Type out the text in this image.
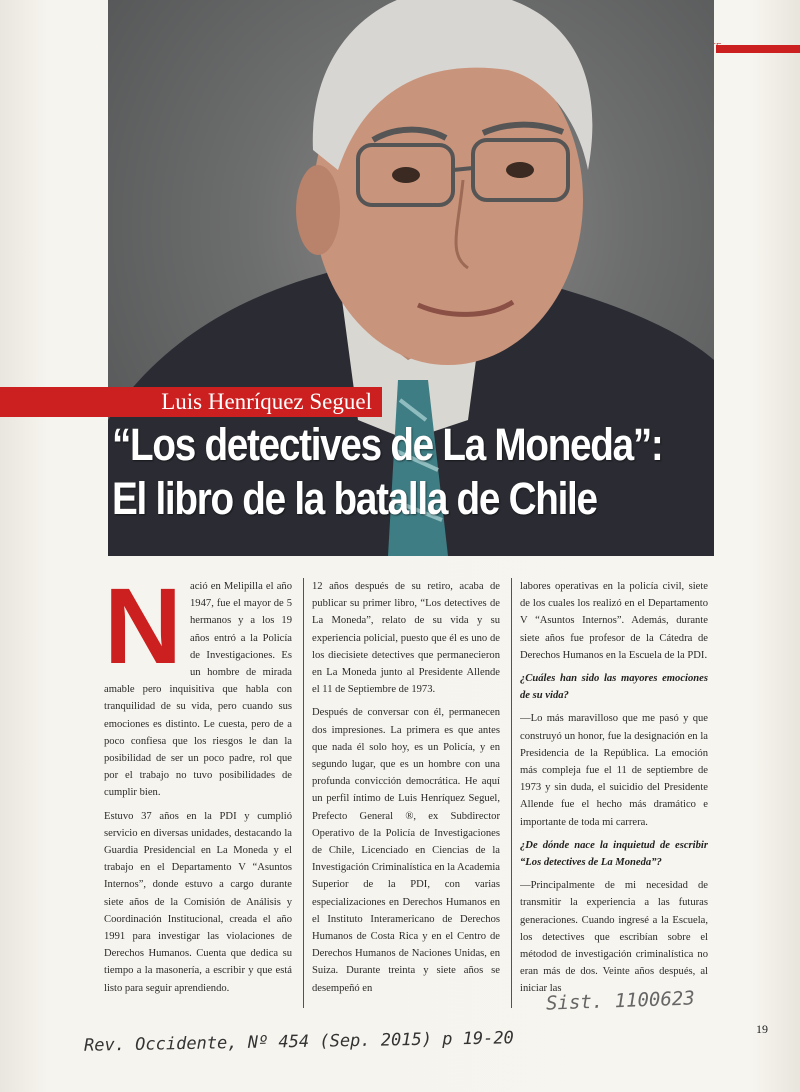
Luis Henríquez Seguel
“Los detectives de La Moneda”:
El libro de la batalla de Chile

Nació en Melipilla el año 1947, fue el mayor de 5 hermanos y a los 19 años entró a la Policía de Investigaciones. Es un hombre de mirada amable pero inquisitiva que habla con tranquilidad de su vida, pero cuando sus emociones es distinto. Le cuesta, pero de a poco confiesa que los riesgos le dan la posibilidad de ser un poco padre, rol que por el trabajo no tuvo posibilidades de cumplir bien.

Estuvo 37 años en la PDI y cumplió servicio en diversas unidades, destacando la Guardia Presidencial en La Moneda y el trabajo en el Departamento V “Asuntos Internos”, donde estuvo a cargo durante siete años de la Comisión de Análisis y Coordinación Institucional, creada el año 1991 para investigar las violaciones de Derechos Humanos. Cuenta que dedica su tiempo a la masonería, a escribir y que está listo para seguir aprendiendo.

12 años después de su retiro, acaba de publicar su primer libro, “Los detectives de La Moneda”, relato de su vida y su experiencia policial, puesto que él es uno de los diecisiete detectives que permanecieron en La Moneda junto al Presidente Allende el 11 de Septiembre de 1973.

Después de conversar con él, permanecen dos impresiones. La primera es que antes que nada él solo hoy, es un Policía, y en segundo lugar, que es un hombre con una profunda convicción democrática. He aquí un perfil íntimo de Luis Henríquez Seguel, Prefecto General ®, ex Subdirector Operativo de la Policía de Investigaciones de Chile, Licenciado en Ciencias de la Investigación Criminalística en la Academia Superior de la PDI, con varias especializaciones en Derechos Humanos en el Instituto Interamericano de Derechos Humanos de Costa Rica y en el Centro de Derechos Humanos de Naciones Unidas, en Suiza. Durante treinta y siete años se desempeñó en

labores operativas en la policía civil, siete de los cuales los realizó en el Departamento V “Asuntos Internos”. Además, durante siete años fue profesor de la Cátedra de Derechos Humanos en la Escuela de la PDI.

¿Cuáles han sido las mayores emociones de su vida?

—Lo más maravilloso que me pasó y que construyó un honor, fue la designación en la Presidencia de la República. La emoción más compleja fue el 11 de septiembre de 1973 y sin duda, el suicidio del Presidente Allende fue el hecho más dramático e importante de toda mi carrera.

¿De dónde nace la inquietud de escribir “Los detectives de La Moneda”?

—Principalmente de mi necesidad de transmitir la experiencia a las futuras generaciones. Cuando ingresé a la Escuela, los detectives que escribían sobre el métodod de investigación criminalística no eran más de dos. Veinte años después, al iniciar las

Sist. 1100623
19
Rev. Occidente, Nº 454 (Sep. 2015) p 19-20
